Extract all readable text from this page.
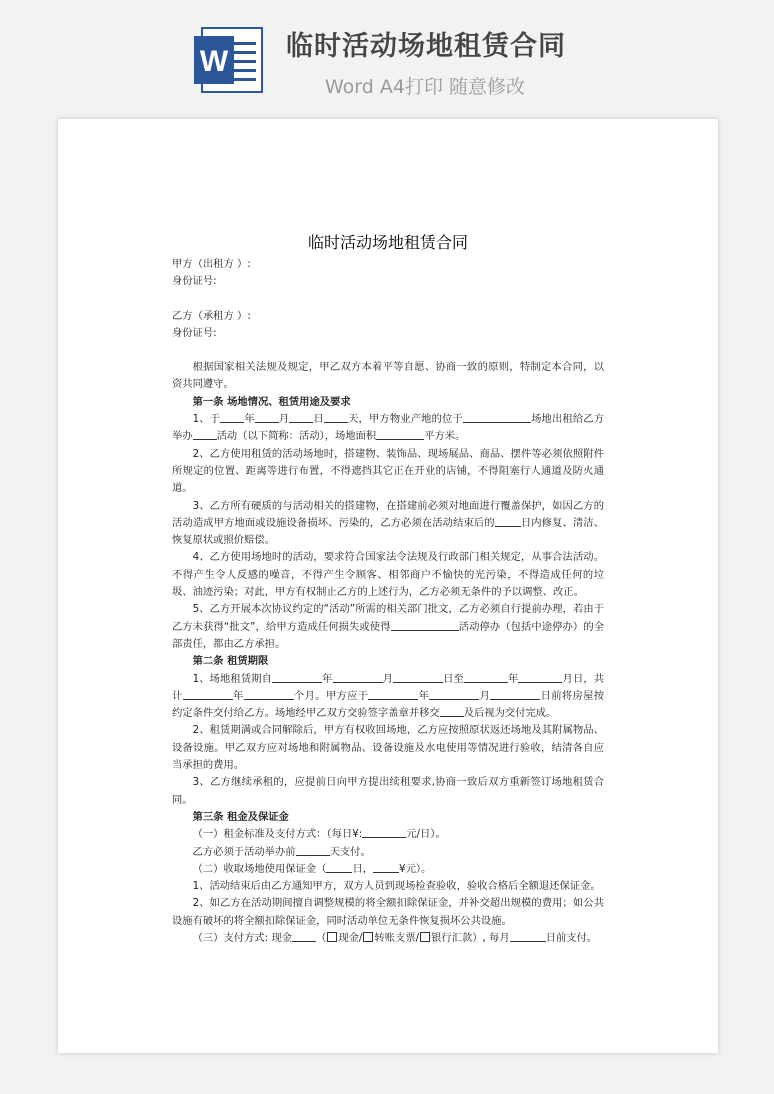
W 临时活动场地租赁合同
Word A4打印 随意修改
临时活动场地租赁合同

甲方（出租方 ）:

身份证号:

乙方（承租方 ）:

身份证号:

根据国家相关法规及规定，甲乙双方本着平等自愿、协商一致的原则，特制定本合同，以资共同遵守。

第一条 场地情况、租赁用途及要求

1、于 年 月 日 天，甲方物业产地的位于	场地出租给乙方举办 活动（以下简称：活动），场地面积	平方米。

2、乙方使用租赁的活动场地时，搭建物、装饰品、现场展品、商品、摆件等必须依照附件所规定的位置、距离等进行布置，不得遮挡其它正在开业的店铺，不得阻塞行人通道及防火通道。

3、乙方所有硬质的与活动相关的搭建物，在搭建前必须对地面进行覆盖保护，如因乙方的活动造成甲方地面或设施设备损坏、污染的，乙方必须在活动结束后的	日内修复、清洁、恢复原状或照价赔偿。

4、乙方使用场地时的活动，要求符合国家法令法规及行政部门相关规定，从事合法活动。不得产生令人反感的噪音，不得产生令顾客、相邻商户不愉快的光污染，不得造成任何的垃圾、油迹污染；对此，甲方有权制止乙方的上述行为，乙方必须无条件的予以调整、改正。

5、乙方开展本次协议约定的“活动”所需的相关部门批文，乙方必须自行提前办理，若由于乙方未获得“批文”，给甲方造成任何损失或使得	活动停办（包括中途停办）的全部责任，都由乙方承担。

第二条 租赁期限

1、场地租赁期自	年	月	日至	年	月日，共计	年	个月。甲方应于	年	月	日前将房屋按约定条件交付给乙方。场地经甲乙双方交验签字盖章并移交 及后视为交付完成。

2、租赁期满或合同解除后，甲方有权收回场地，乙方应按照原状返还场地及其附属物品、设备设施。甲乙双方应对场地和附属物品、设备设施及水电使用等情况进行验收，结清各自应当承担的费用。

3、乙方继续承租的，应提前日向甲方提出续租要求,协商一致后双方重新签订场地租赁合同。

第三条 租金及保证金

（一）租金标准及支付方式：（每日¥:	元/日）。

乙方必须于活动举办前	天支付。

（二）收取场地使用保证金（	日，	¥元）。

1、活动结束后由乙方通知甲方，双方人员到现场检查验收，验收合格后全额退还保证金。

2、如乙方在活动期间擅自调整规模的将全额扣除保证金，并补交超出规模的费用；如公共设施有破坏的将全额扣除保证金，同时活动单位无条件恢复损坏公共设施。

（三）支付方式: 现金 （ 现金/ 转账支票/ 银行汇款）, 每月	日前支付。
